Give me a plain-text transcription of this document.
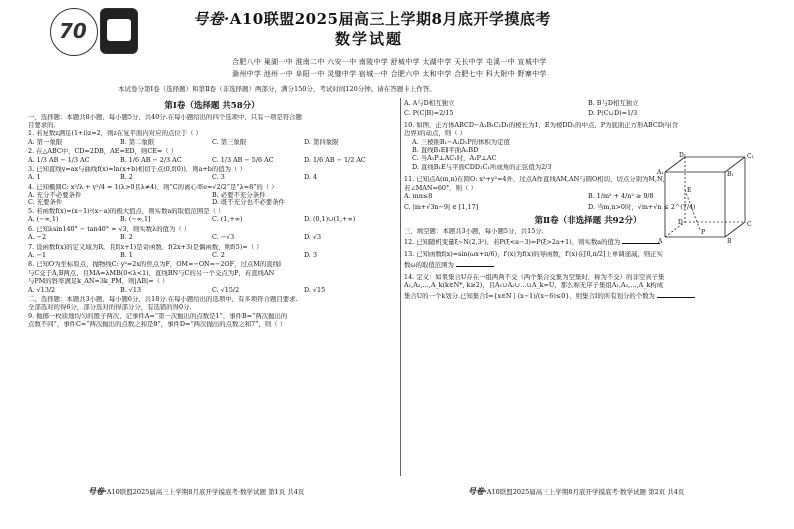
70	号卷·A10联盟2025届高三上学期8月底开学摸底考
数学试题
合肥八中 巢湖一中 淮南二中 六安一中 南陵中学 舒城中学 太湖中学 天长中学 屯溪一中 宣城中学
滁州中学 池州一中 阜阳一中 灵璧中学 宿城一中 合肥六中 太和中学 合肥七中 科大附中 野寨中学
本试卷分第Ⅰ卷（选择题）和第Ⅱ卷（非选择题）两部分，满分150分，考试时间120分钟。请在答题卡上作答。
第Ⅰ卷（选择题 共58分）
一、选择题：本题共8小题，每小题5分，共40分.在每小题给出的四个选项中，只有一项是符合题
目要求的.
1. 若复数z满足(1+i)z=2，则z在复平面内对应的点位于（ ）
A. 第一象限	B. 第二象限	C. 第三象限	D. 第四象限
2. 在△ABC中，CD=2DB，AE=ED，则CE=（ ）
A. 1/3 AB − 1/3 AC	B. 1/6 AB − 2/3 AC	C. 1/3 AB − 5/6 AC	D. 1/6 AB − 1/2 AC
3. 已知直线y=ax与曲线f(x)=ln(x+b)相切于点(0,f(0))，则a+b的值为（ ）
A. 1	B. 2	C. 3	D. 4
4. 已知椭圆C: x²/λ + y²/4 = 1(λ>0且λ≠4)，则“C的离心率e=√2/2”是“λ=8”的（ ）
A. 充分不必要条件	B. 必要不充分条件
C. 充要条件	D. 既不充分也不必要条件
5. 若函数f(x)=(x−1)²(x−a)的极大值点，则实数a的取值范围是（ ）
A. (−∞,1)	B. (−∞,1]	C. (1,+∞)	D. (0,1)∪(1,+∞)
6. 已知λsin140° − tan40° = √3，则实数λ的值为（ ）
A. −2	B. 2	C. −√3	D. √3
7. 设函数f(x)的定义域为R，且f(x+1)是奇函数，f(2x+3)是偶函数，则f(5)=（ ）
A. −1	B. 1	C. 2	D. 3
8. 已知O为坐标原点，抛物线C: y²=2x的焦点为F，OM=−ON=−2OF，过点M的直线l
与C交于A,B两点，且MA=λMB(0<λ<1)，直线BN与C的另一个交点为P，若直线AN
与PM的斜率满足k_AN=3k_PM，则|AB|=（ ）
A. √13/2	B. √13	C. √15/2	D. √15
二、选择题：本题共3小题，每小题6分，共18分.在每小题给出的选项中，有多项符合题目要求.
全部选对的得6分，部分选对的得部分分，有选错的得0分.
9. 抛掷一枚质地均匀的骰子两次，记事件A=“第一次抛出的点数是1”，事件B=“两次抛出的
点数不同”，事件C=“两次抛出的点数之和是8”，事件D=“两次抛出的点数之和7”，则（ ）
A. A与D相互独立	B. B与D相互独立
C. P(C|B)=2/15	D. P(C∪D)=1/3
10. 如图，正方体ABCD−A₁B₁C₁D₁的棱长为1，E为棱DD₁的中点，P为底面正方形ABCD内(含
边界)的动点，则（ ）
A. 三棱锥B₁−A₁D₁P的体积为定值
B. 直线B₁E∥平面A₁BD
C. 当A₁P⊥AC₁时，A₁P⊥AC
D. 直线B₁E与平面CDD₁C₁所成角的正弦值为2/3
11. 已知点A(m,n)在圆O: x²+y²=4外，过点A作直线AM,AN与圆O相切，切点分别为M,N，
若∠MAN=60°，则（ ）
A. mn≤8	B. 1/m² + 4/n² ≥ 9/8
C. |m+√3n−9| ∈ [1,17]	D. 当m,n>0时，√m+√n ≤ 2^(7/4)
第Ⅱ卷（非选择题 共92分）
三、填空题：本题共3小题，每小题5分，共15分.
12. 已知随机变量ξ~N(2,3²)，若P(ξ<a−3)=P(ξ>2a+1)，则实数a的值为
13. 已知函数f(x)=sin(ωx+π/6)，f′(x)为f(x)的导函数，f′(x)在[0,π/2]上单调递减，则正实
数ω的取值范围为
14. 定义：如果集合U存在一组两两不交（两个集合交集为空集时，称为不交）的非空真子集
A₁,A₂,…,A_k(k∈N*, k≥2)，且A₁∪A₂∪…∪A_k=U，那么称无序子集组A₁,A₂,…,A_k构成
集合U的一个k划分.已知集合I={x∈N | (x−1)/(x−6)≤0}，则集合I的所有划分的个数为
D₁	C₁
A₁	B₁
E
D	C
A	B
P
号卷·A10联盟2025届高三上学期8月底开学摸底考·数学试题 第1页 共4页	号卷·A10联盟2025届高三上学期8月底开学摸底考·数学试题 第2页 共4页
